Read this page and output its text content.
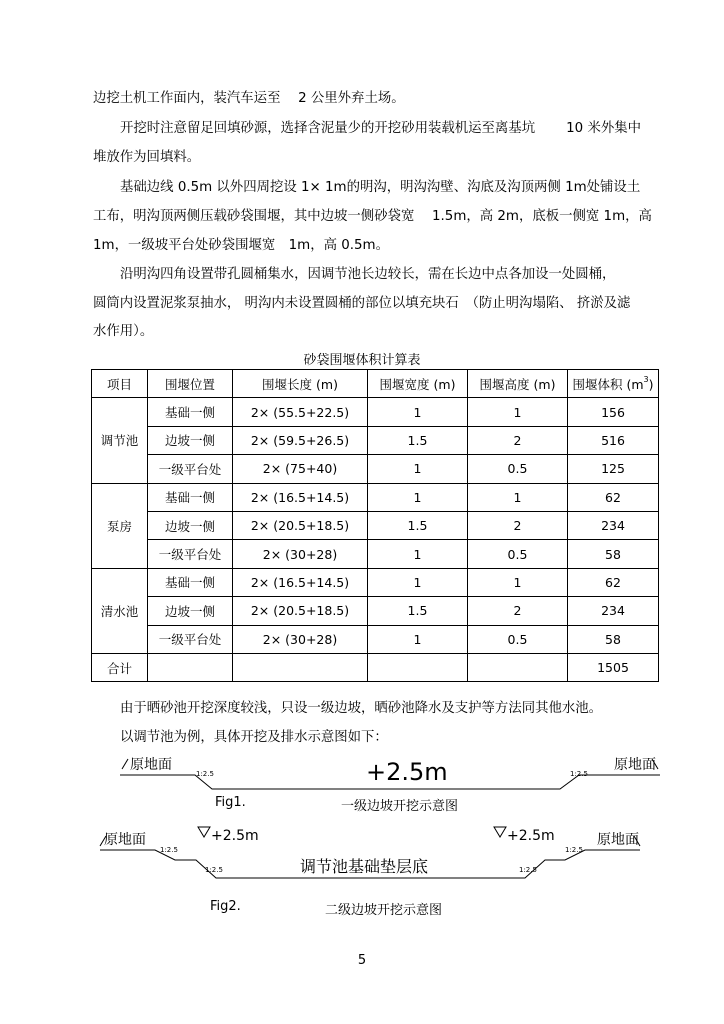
边挖土机工作面内，装汽车运至　 2 公里外弃土场。

开挖时注意留足回填砂源，选择含泥量少的开挖砂用装载机运至离基坑　　 10 米外集中

堆放作为回填料。

基础边线 0.5m 以外四周挖设 1× 1m的明沟，明沟沟壁、沟底及沟顶两侧 1m处铺设土

工布，明沟顶两侧压载砂袋围堰，其中边坡一侧砂袋宽　 1.5m，高 2m，底板一侧宽 1m，高

1m，一级坡平台处砂袋围堰宽　1m，高 0.5m。

沿明沟四角设置带孔圆桶集水，因调节池长边较长，需在长边中点各加设一处圆桶，

圆筒内设置泥浆泵抽水， 明沟内未设置圆桶的部位以填充块石　（防止明沟塌陷、 挤淤及滤

水作用）。

砂袋围堰体积计算表
项目	围堰位置	围堰长度 (m)	围堰宽度 (m)	围堰高度 (m)	围堰体积 $(m^3)$
调节池	基础一侧	2× (55.5+22.5)	1	1	156
	边坡一侧	2× (59.5+26.5)	1.5	2	516
	一级平台处	2× (75+40)	1	0.5	125
泵房	基础一侧	2× (16.5+14.5)	1	1	62
	边坡一侧	2× (20.5+18.5)	1.5	2	234
	一级平台处	2× (30+28)	1	0.5	58
清水池	基础一侧	2× (16.5+14.5)	1	1	62
	边坡一侧	2× (20.5+18.5)	1.5	2	234
	一级平台处	2× (30+28)	1	0.5	58
合计					1505

由于晒砂池开挖深度较浅，只设一级边坡，晒砂池降水及支护等方法同其他水池。

以调节池为例，具体开挖及排水示意图如下：

原地面	原地面
1:2.5	1:2.5
+2.5m
Fig1.	一级边坡开挖示意图
原地面	原地面
+2.5m	+2.5m
1:2.5
1:2.5	1:2.5
1:2.5
调节池基础垫层底
Fig2.	二级边坡开挖示意图
5
